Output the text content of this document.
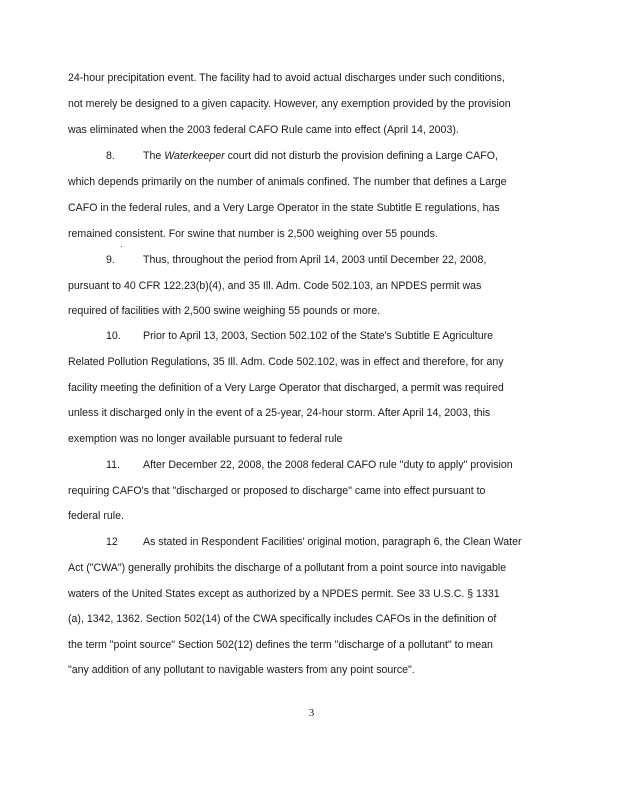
24-hour precipitation event. The facility had to avoid actual discharges under such conditions,
not merely be designed to a given capacity. However, any exemption provided by the provision
was eliminated when the 2003 federal CAFO Rule came into effect (April 14, 2003).
8.	The Waterkeeper court did not disturb the provision defining a Large CAFO,
which depends primarily on the number of animals confined. The number that defines a Large
CAFO in the federal rules, and a Very Large Operator in the state Subtitle E regulations, has
remained consistent. For swine that number is 2,500 weighing over 55 pounds.
9.	Thus, throughout the period from April 14, 2003 until December 22, 2008,
pursuant to 40 CFR 122.23(b)(4), and 35 Ill. Adm. Code 502.103, an NPDES permit was
required of facilities with 2,500 swine weighing 55 pounds or more.
10. Prior to April 13, 2003, Section 502.102 of the State's Subtitle E Agriculture
Related Pollution Regulations, 35 Ill. Adm. Code 502.102, was in effect and therefore, for any
facility meeting the definition of a Very Large Operator that discharged, a permit was required
unless it discharged only in the event of a 25-year, 24-hour storm. After April 14, 2003, this
exemption was no longer available pursuant to federal rule
11. After December 22, 2008, the 2008 federal CAFO rule "duty to apply" provision
requiring CAFO's that "discharged or proposed to discharge" came into effect pursuant to
federal rule.
12 As stated in Respondent Facilities' original motion, paragraph 6, the Clean Water
Act ("CWA") generally prohibits the discharge of a pollutant from a point source into navigable
waters of the United States except as authorized by a NPDES permit. See 33 U.S.C. § 1331
(a), 1342, 1362. Section 502(14) of the CWA specifically includes CAFOs in the definition of
the term "point source" Section 502(12) defines the term "discharge of a pollutant" to mean
"any addition of any pollutant to navigable wasters from any point source".
3
